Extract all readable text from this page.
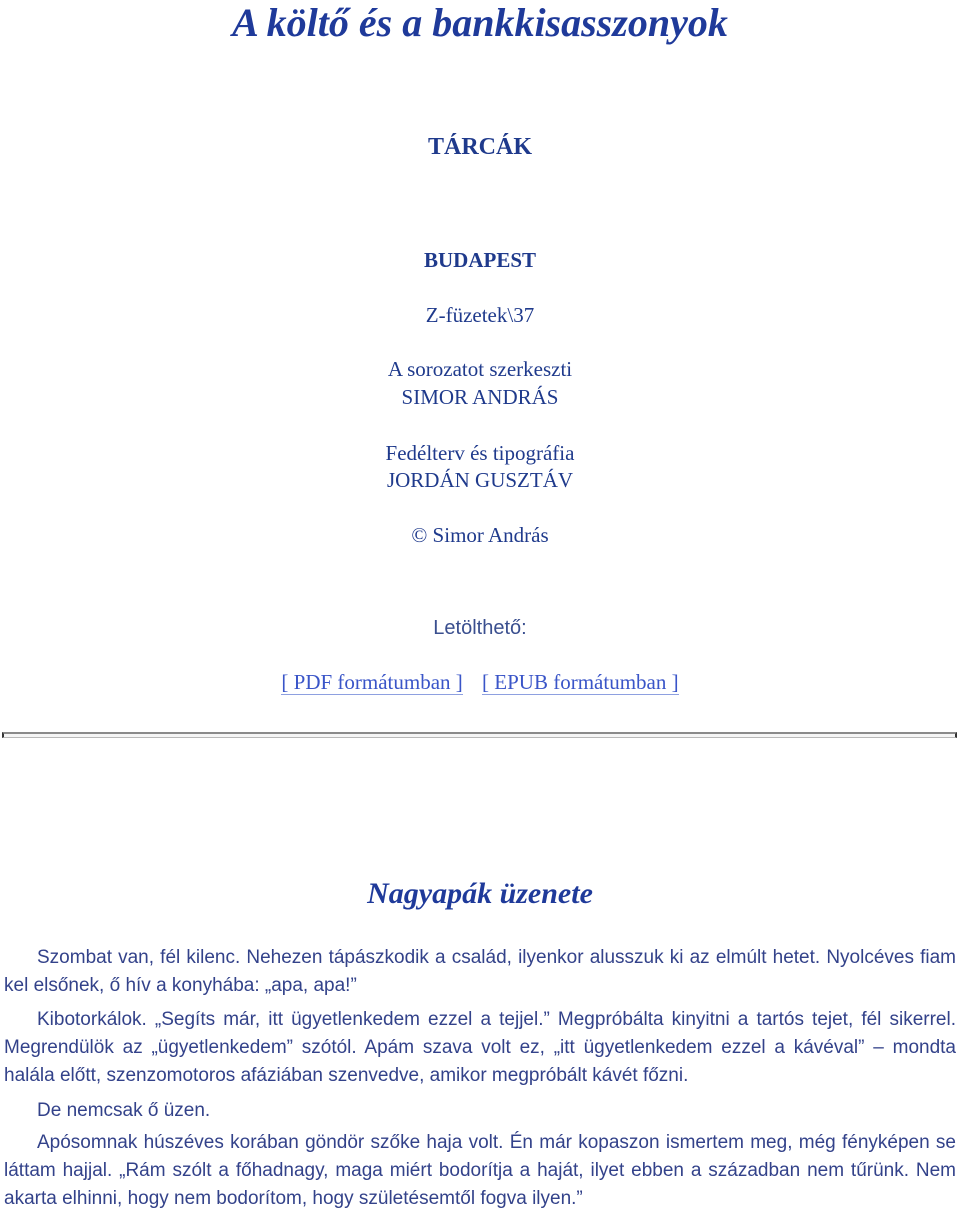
A költő és a bankkisasszonyok
TÁRCÁK
BUDAPEST
Z-füzetek\37
A sorozatot szerkeszti
SIMOR ANDRÁS
Fedélterv és tipográfia
JORDÁN GUSZTÁV
© Simor András
Letölthető:
[ PDF formátumban ] [ EPUB formátumban ]
Nagyapák üzenete

Szombat van, fél kilenc. Nehezen tápászkodik a család, ilyenkor alusszuk ki az elmúlt hetet. Nyolcéves fiam kel elsőnek, ő hív a konyhába: „apa, apa!”

Kibotorkálok. „Segíts már, itt ügyetlenkedem ezzel a tejjel.” Megpróbálta kinyitni a tartós tejet, fél sikerrel. Megrendülök az „ügyetlenkedem” szótól. Apám szava volt ez, „itt ügyetlenkedem ezzel a kávéval” – mondta halála előtt, szenzomotoros afáziában szenvedve, amikor megpróbált kávét főzni.

De nemcsak ő üzen.

Apósomnak húszéves korában göndör szőke haja volt. Én már kopaszon ismertem meg, még fényképen se láttam hajjal. „Rám szólt a főhadnagy, maga miért bodorítja a haját, ilyet ebben a században nem tűrünk. Nem akarta elhinni, hogy nem bodorítom, hogy születésemtől fogva ilyen.”
